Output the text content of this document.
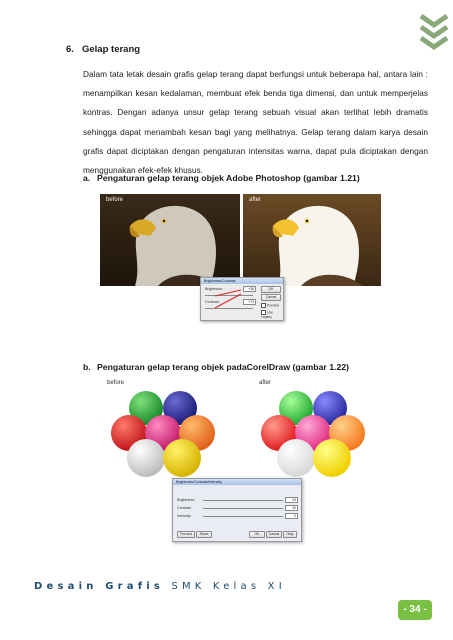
6. Gelap terang
Dalam tata letak desain grafis gelap terang dapat berfungsi untuk beberapa hal, antara lain : menampilkan kesan kedalaman, membuat efek benda tiga dimensi, dan untuk memperjelas kontras. Dengan adanya unsur gelap terang sebuah visual akan terlihat lebih dramatis sehingga dapat menambah kesan bagi yang melihatnya. Gelap terang dalam karya desain grafis dapat diciptakan dengan pengaturan intensitas warna, dapat pula diciptakan dengan menggunakan efek-efek khusus.
a. Pengaturan gelap terang objek Adobe Photoshop (gambar 1.21)
before	after
Brightness/Contrast
Brightness:	+36
Contrast:	+74
OK
Cancel
Preview
Use Legacy
b. Pengaturan gelap terang objek padaCorelDraw (gambar 1.22)
before	after
Brightness/Contrast/Intensity
Brightness:	24
Contrast:	30
Intensity:	0
Preview	Reset	OK	Cancel	Help
Desain Grafis SMK Kelas XI
- 34 -
